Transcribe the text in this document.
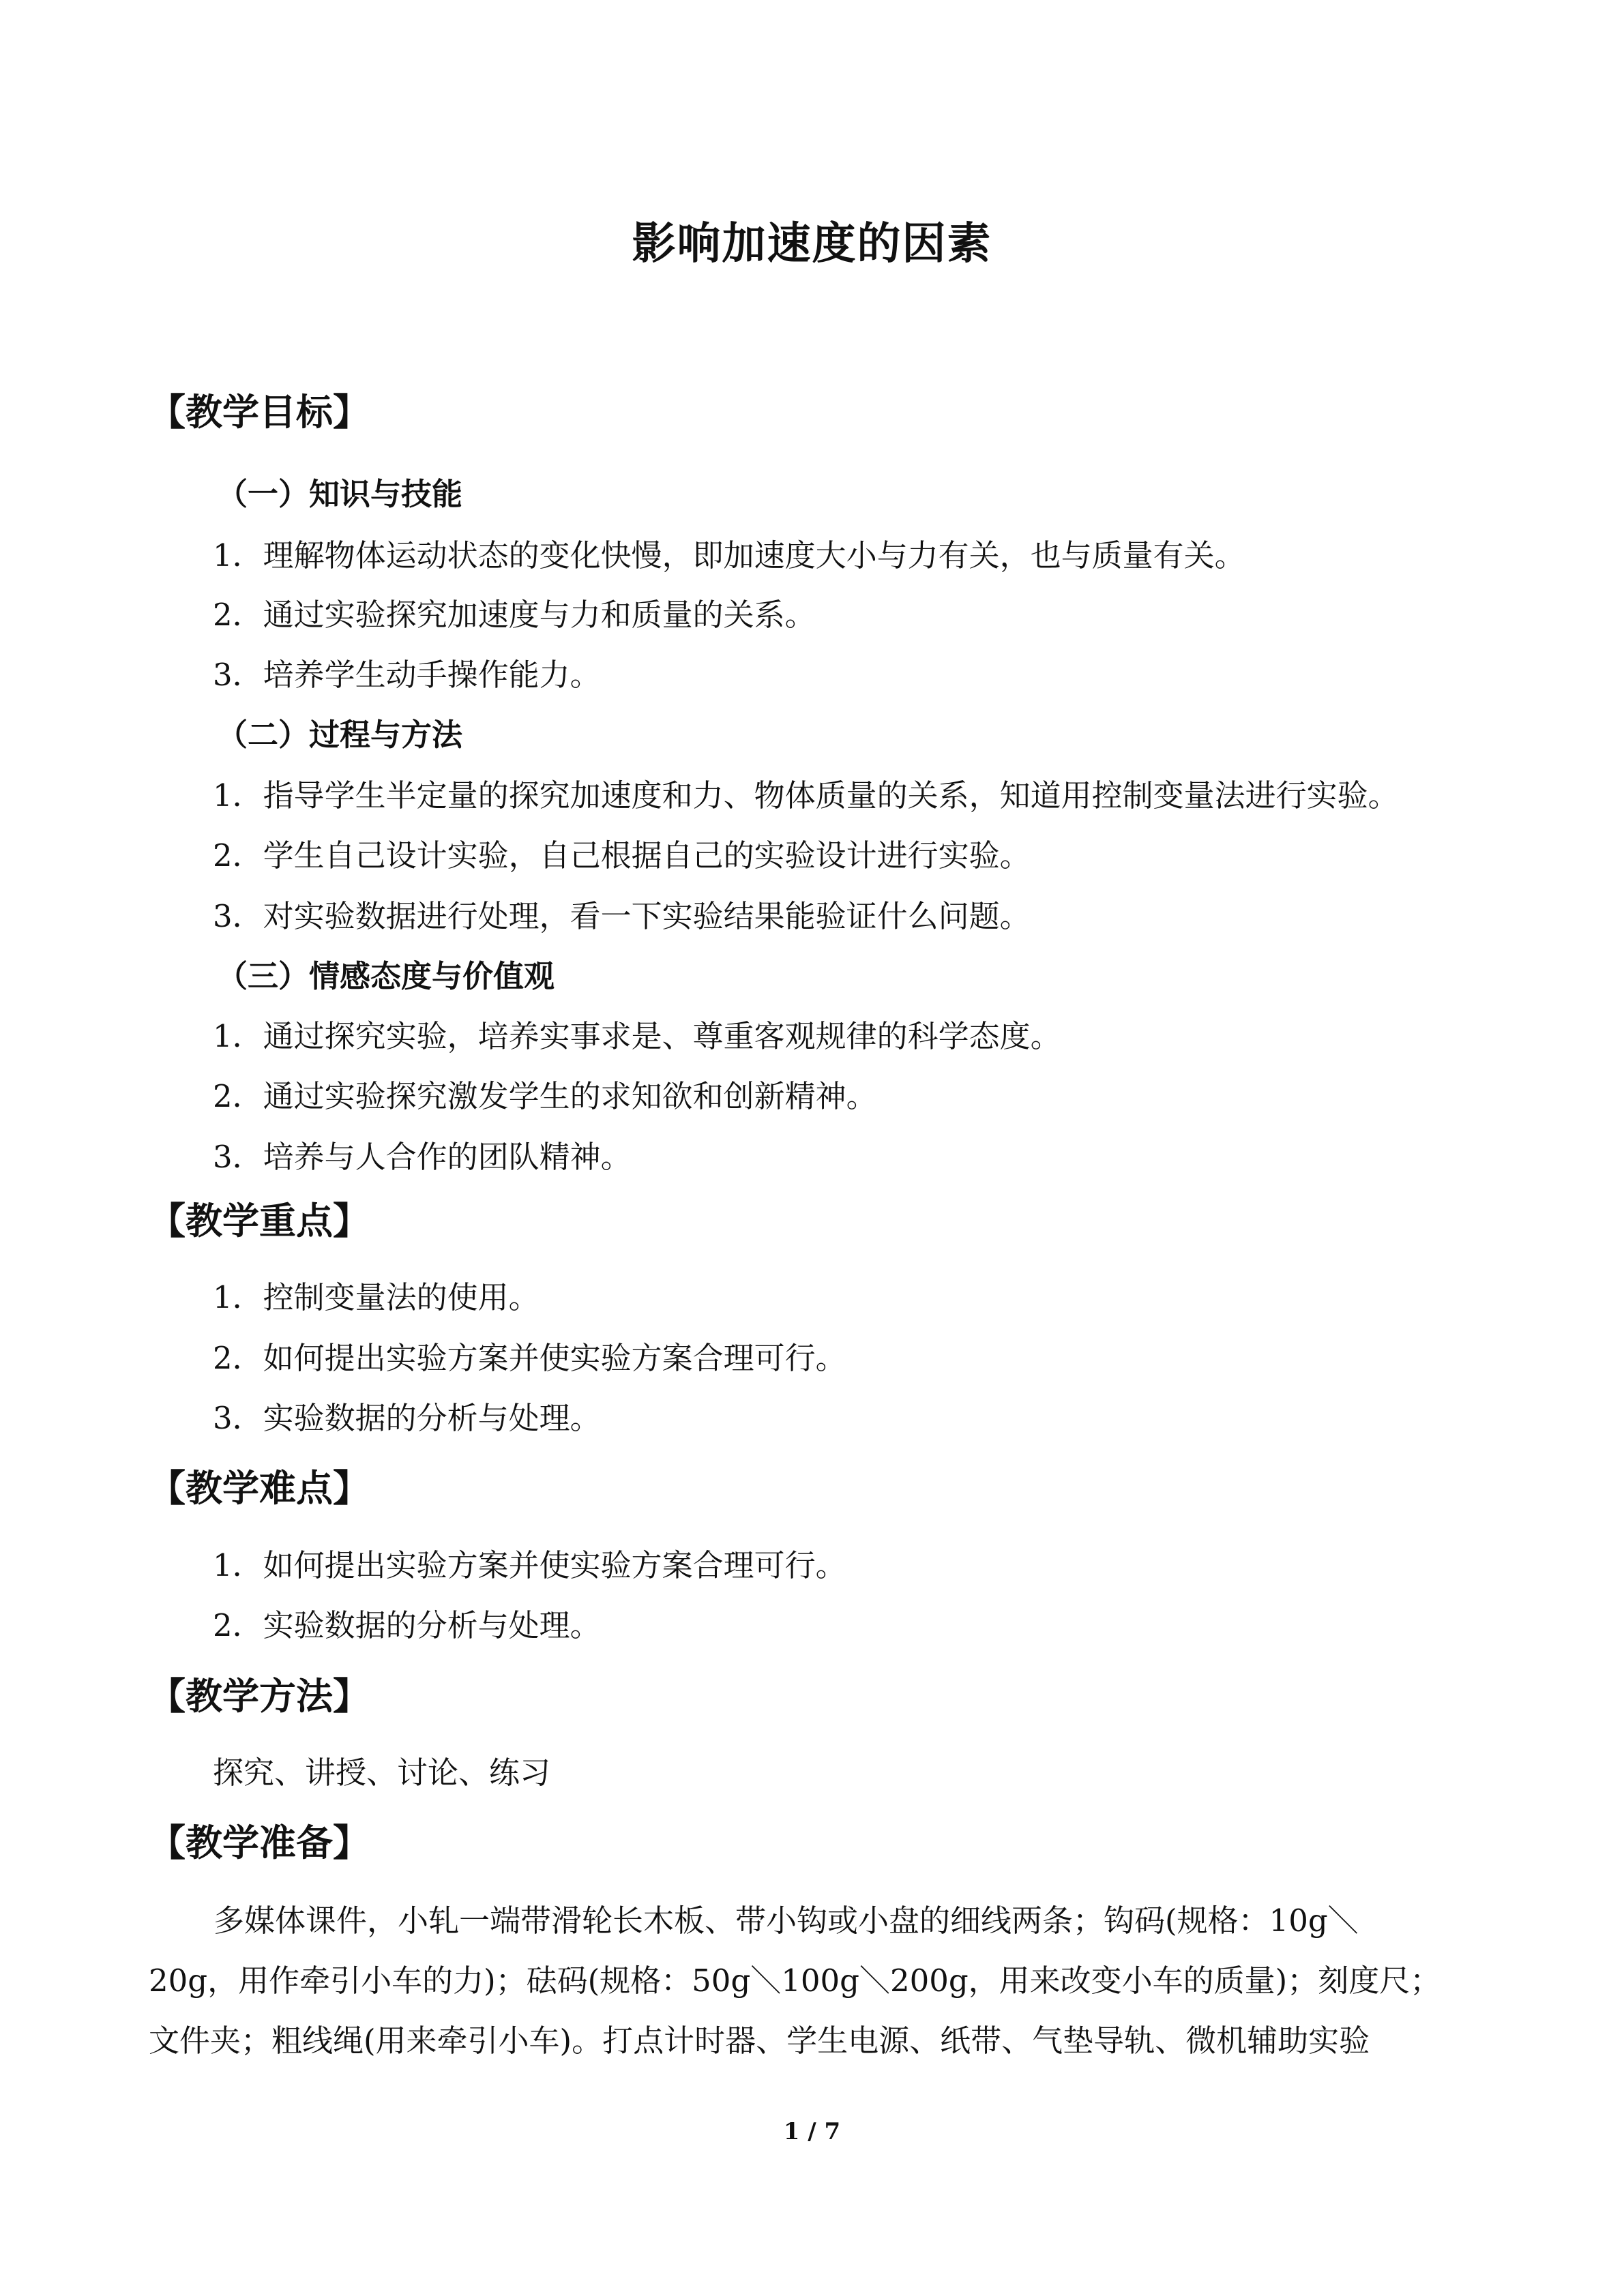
影响加速度的因素
【教学目标】
（一）知识与技能
1．理解物体运动状态的变化快慢，即加速度大小与力有关，也与质量有关。
2．通过实验探究加速度与力和质量的关系。
3．培养学生动手操作能力。
（二）过程与方法
1．指导学生半定量的探究加速度和力、物体质量的关系，知道用控制变量法进行实验。
2．学生自己设计实验，自己根据自己的实验设计进行实验。
3．对实验数据进行处理，看一下实验结果能验证什么问题。
（三）情感态度与价值观
1．通过探究实验，培养实事求是、尊重客观规律的科学态度。
2．通过实验探究激发学生的求知欲和创新精神。
3．培养与人合作的团队精神。
【教学重点】
1．控制变量法的使用。
2．如何提出实验方案并使实验方案合理可行。
3．实验数据的分析与处理。
【教学难点】
1．如何提出实验方案并使实验方案合理可行。
2．实验数据的分析与处理。
【教学方法】
探究、讲授、讨论、练习
【教学准备】
多媒体课件，小轧一端带滑轮长木板、带小钩或小盘的细线两条；钩码(规格：10g＼
20g，用作牵引小车的力)；砝码(规格：50g＼100g＼200g，用来改变小车的质量)；刻度尺；
文件夹；粗线绳(用来牵引小车)。打点计时器、学生电源、纸带、气垫导轨、微机辅助实验
1 / 7
